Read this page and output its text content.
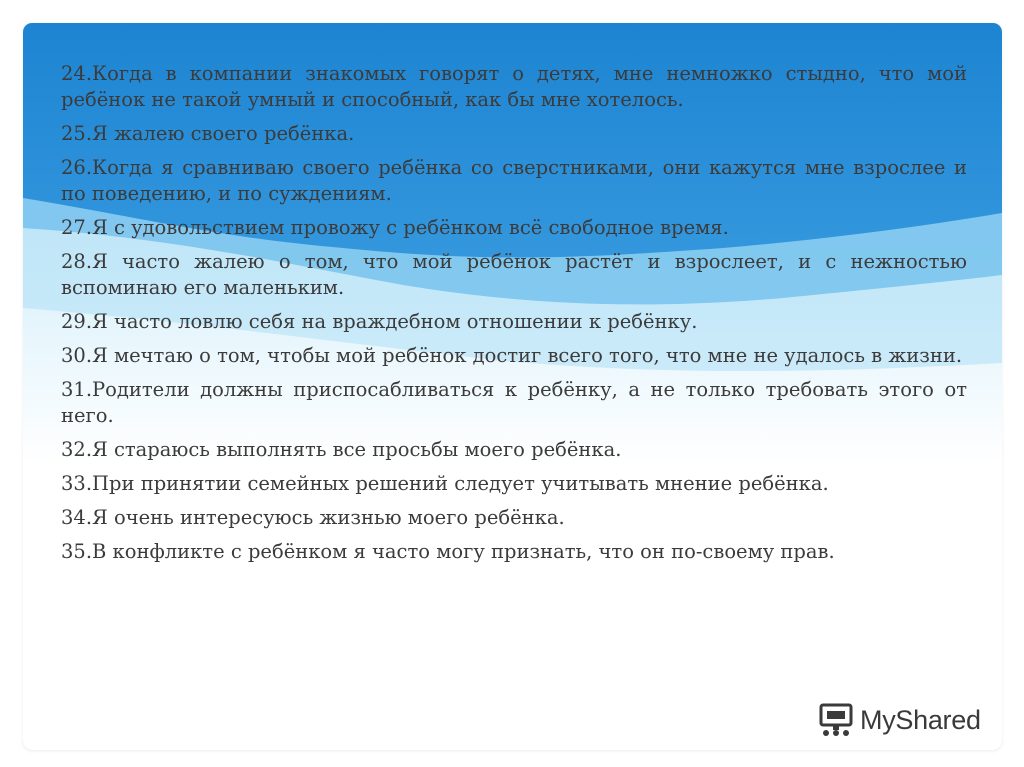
24.Когда в компании знакомых говорят о детях, мне немножко стыдно, что мой ребёнок не такой умный и способный, как бы мне хотелось.
25.Я жалею своего ребёнка.
26.Когда я сравниваю своего ребёнка со сверстниками, они кажутся мне взрослее и по поведению, и по суждениям.
27.Я с удовольствием провожу с ребёнком всё свободное время.
28.Я часто жалею о том, что мой ребёнок растёт и взрослеет, и с нежностью вспоминаю его маленьким.
29.Я часто ловлю себя на враждебном отношении к ребёнку.
30.Я мечтаю о том, чтобы мой ребёнок достиг всего того, что мне не удалось в жизни.
31.Родители должны приспосабливаться к ребёнку, а не только требовать этого от него.
32.Я стараюсь выполнять все просьбы моего ребёнка.
33.При принятии семейных решений следует учитывать мнение ребёнка.
34.Я очень интересуюсь жизнью моего ребёнка.
35.В конфликте с ребёнком я часто могу признать, что он по-своему прав.
MyShared
